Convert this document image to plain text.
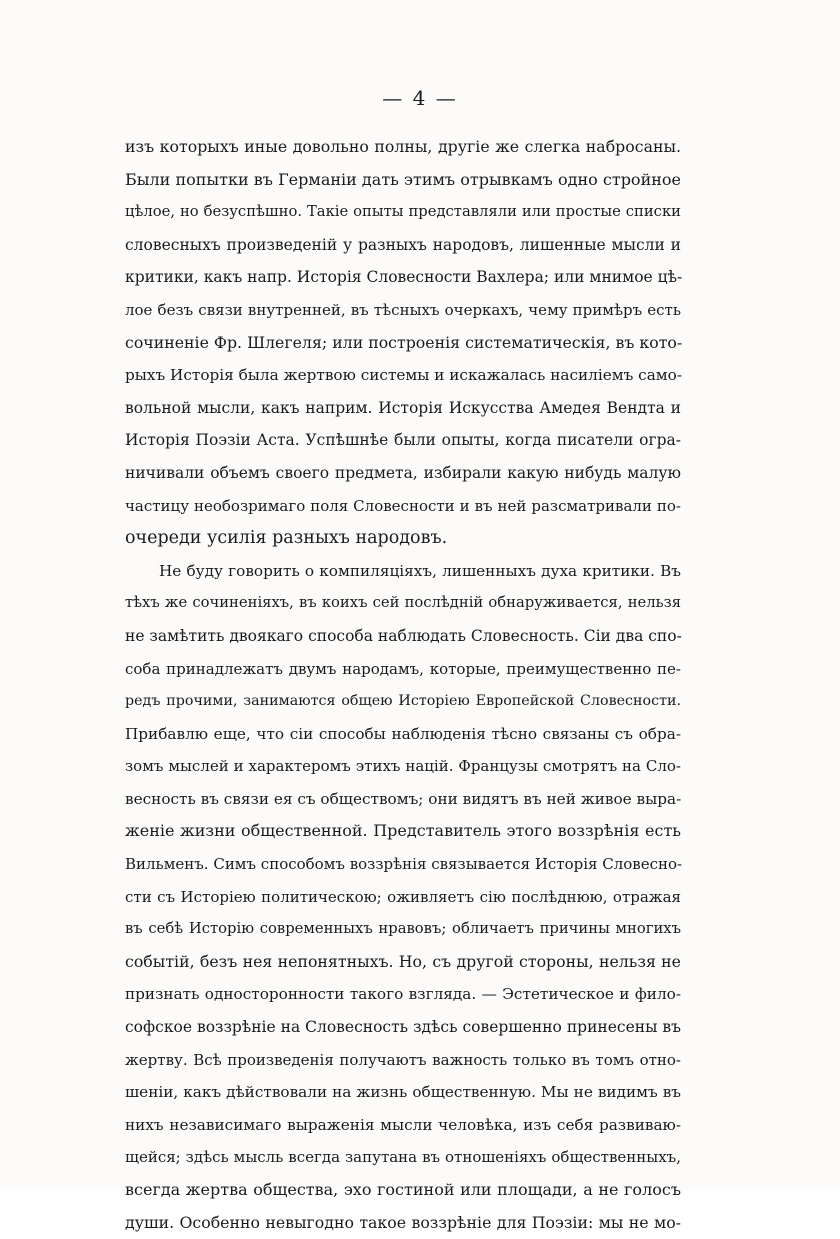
— 4 —
изъ которыхъ иные довольно полны, другіе же слегка набросаны.
Были попытки въ Германіи дать этимъ отрывкамъ одно стройное
цѣлое, но безуспѣшно. Такіе опыты представляли или простые списки
словесныхъ произведеній у разныхъ народовъ, лишенные мысли и
критики, какъ напр. Исторія Словесности Вахлера; или мнимое цѣ-
лое безъ связи внутренней, въ тѣсныхъ очеркахъ, чему примѣръ есть
сочиненіе Фр. Шлегеля; или построенія систематическія, въ кото-
рыхъ Исторія была жертвою системы и искажалась насиліемъ само-
вольной мысли, какъ наприм. Исторія Искусства Амедея Вендта и
Исторія Поэзіи Аста. Успѣшнѣе были опыты, когда писатели огра-
ничивали объемъ своего предмета, избирали какую нибудь малую
частицу необозримаго поля Словесности и въ ней разсматривали по-
очереди усилія разныхъ народовъ.
Не буду говорить о компиляціяхъ, лишенныхъ духа критики. Въ
тѣхъ же сочиненіяхъ, въ коихъ сей послѣдній обнаруживается, нельзя
не замѣтить двоякаго способа наблюдать Словесность. Сіи два спо-
соба принадлежатъ двумъ народамъ, которые, преимущественно пе-
редъ прочими, занимаются общею Исторіею Европейской Словесности.
Прибавлю еще, что сіи способы наблюденія тѣсно связаны съ обра-
зомъ мыслей и характеромъ этихъ націй. Французы смотрятъ на Сло-
весность въ связи ея съ обществомъ; они видятъ въ ней живое выра-
женіе жизни общественной. Представитель этого воззрѣнія есть
Вильменъ. Симъ способомъ воззрѣнія связывается Исторія Словесно-
сти съ Исторіею политическою; оживляетъ сію послѣднюю, отражая
въ себѣ Исторію современныхъ нравовъ; обличаетъ причины многихъ
событій, безъ нея непонятныхъ. Но, съ другой стороны, нельзя не
признать односторонности такого взгляда. — Эстетическое и фило-
софское воззрѣніе на Словесность здѣсь совершенно принесены въ
жертву. Всѣ произведенія получаютъ важность только въ томъ отно-
шеніи, какъ дѣйствовали на жизнь общественную. Мы не видимъ въ
нихъ независимаго выраженія мысли человѣка, изъ себя развиваю-
щейся; здѣсь мысль всегда запутана въ отношеніяхъ общественныхъ,
всегда жертва общества, эхо гостиной или площади, а не голосъ
души. Особенно невыгодно такое воззрѣніе для Поэзіи: мы не мо-
